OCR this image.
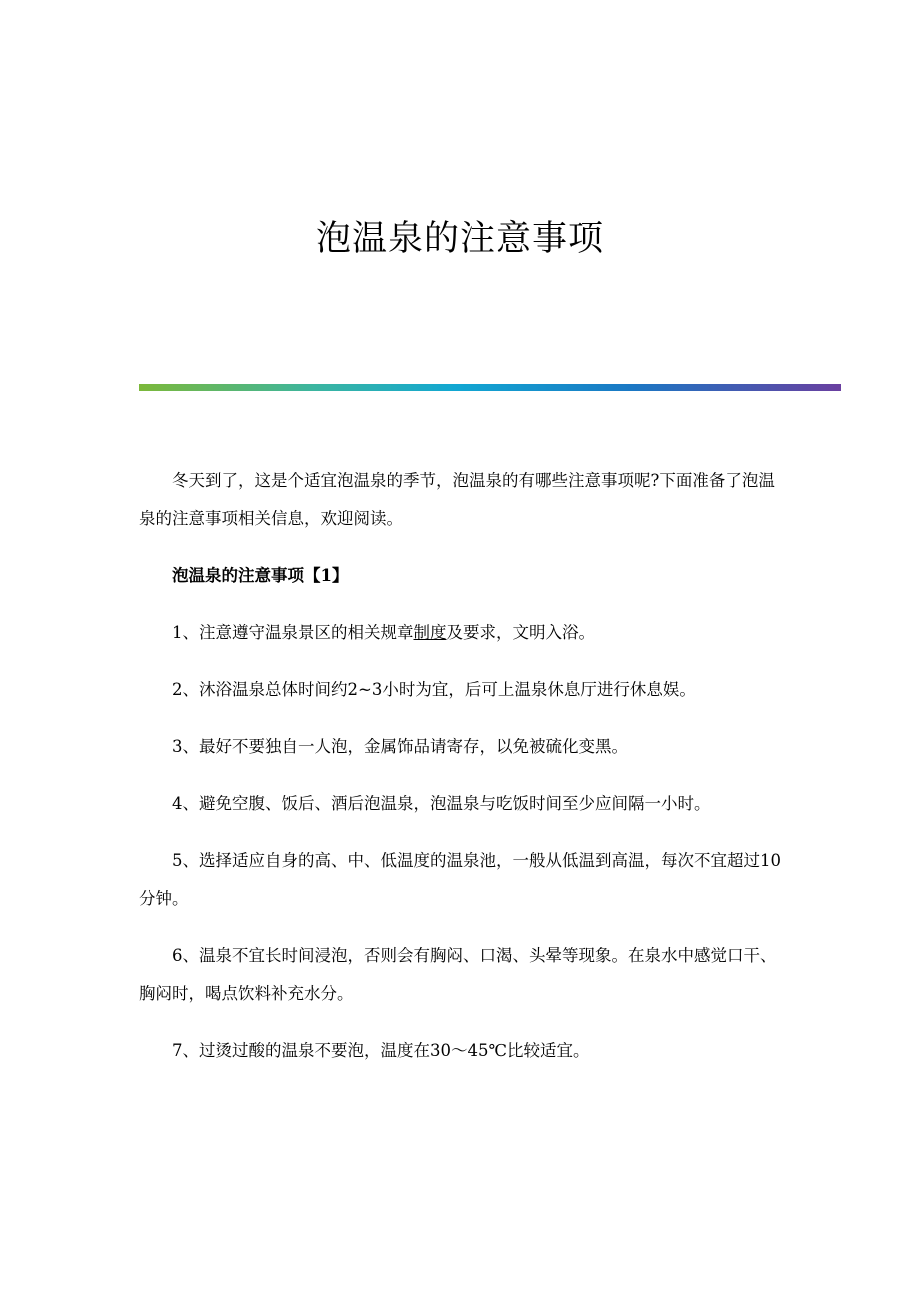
泡温泉的注意事项

冬天到了，这是个适宜泡温泉的季节，泡温泉的有哪些注意事项呢?下面准备了泡温泉的注意事项相关信息，欢迎阅读。

泡温泉的注意事项【1】

1、注意遵守温泉景区的相关规章制度及要求，文明入浴。

2、沐浴温泉总体时间约2~3小时为宜，后可上温泉休息厅进行休息娱。

3、最好不要独自一人泡，金属饰品请寄存，以免被硫化变黑。

4、避免空腹、饭后、酒后泡温泉，泡温泉与吃饭时间至少应间隔一小时。

5、选择适应自身的高、中、低温度的温泉池，一般从低温到高温，每次不宜超过10分钟。

6、温泉不宜长时间浸泡，否则会有胸闷、口渴、头晕等现象。在泉水中感觉口干、胸闷时，喝点饮料补充水分。

7、过烫过酸的温泉不要泡，温度在30～45℃比较适宜。
